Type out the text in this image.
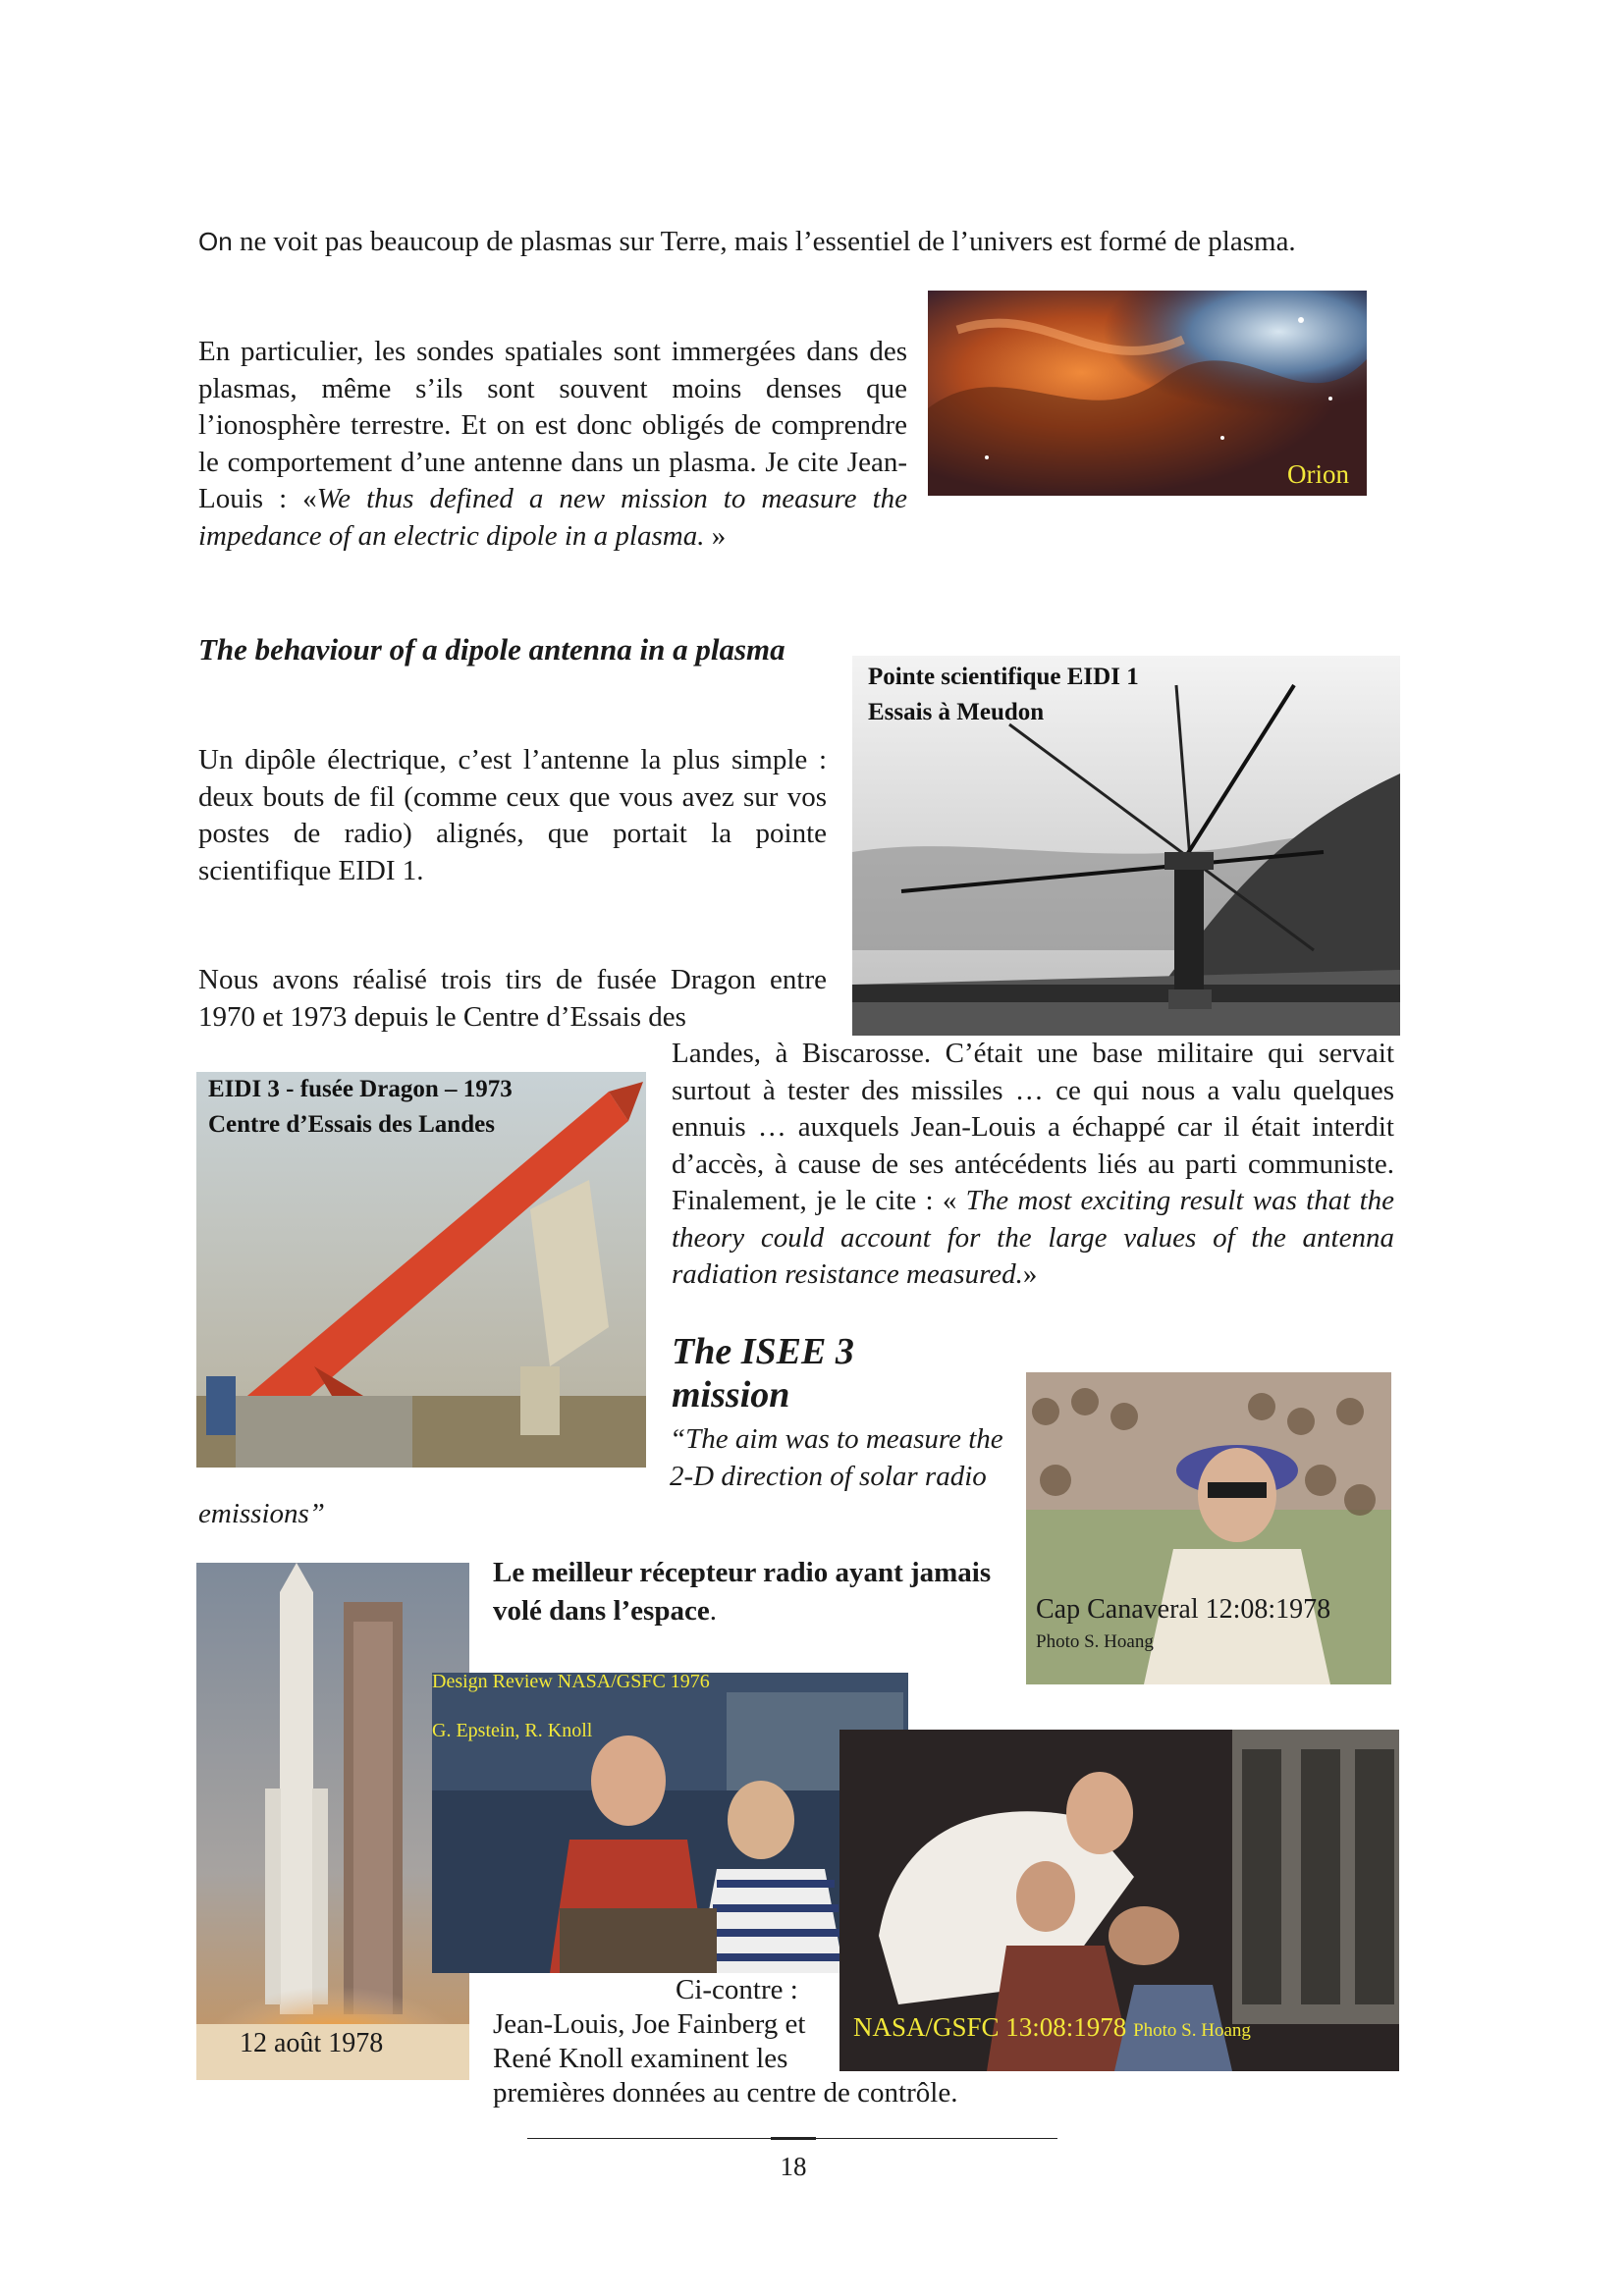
On ne voit pas beaucoup de plasmas sur Terre, mais l’essentiel de l’univers est formé de plasma.
Orion
En particulier, les sondes spatiales sont immergées dans des plasmas, même s’ils sont souvent moins denses que l’ionosphère terrestre. Et on est donc obligés de comprendre le comportement d’une antenne dans un plasma. Je cite Jean-Louis : «We thus defined a new mission to measure the impedance of an electric dipole in a plasma. »
The behaviour of a dipole antenna in a plasma
Un dipôle électrique, c’est l’antenne la plus simple : deux bouts de fil (comme ceux que vous avez sur vos postes de radio) alignés, que portait la pointe scientifique EIDI 1.
Pointe scientifique EIDI 1
Essais à Meudon
Nous avons réalisé trois tirs de fusée Dragon entre 1970 et 1973 depuis le Centre d’Essais des
Landes, à Biscarosse. C’était une base militaire qui servait surtout à tester des missiles … ce qui nous a valu quelques ennuis … auxquels Jean-Louis a échappé car il était interdit d’accès, à cause de ses antécédents liés au parti communiste. Finalement, je le cite : « The most exciting result was that the theory could account for the large values of the antenna radiation resistance measured.»
EIDI 3 - fusée Dragon – 1973
Centre d’Essais des Landes
The ISEE 3
mission
“The aim was to measure the
2-D direction of solar radio
emissions”
Cap Canaveral 12:08:1978
Photo S. Hoang
Le meilleur récepteur radio ayant jamais volé dans l’espace.
12 août 1978
Design Review NASA/GSFC 1976
G. Epstein, R. Knoll
NASA/GSFC 13:08:1978 Photo S. Hoang
Ci-contre :
Jean-Louis, Joe Fainberg et
René Knoll examinent les
premières données au centre de contrôle.
18
